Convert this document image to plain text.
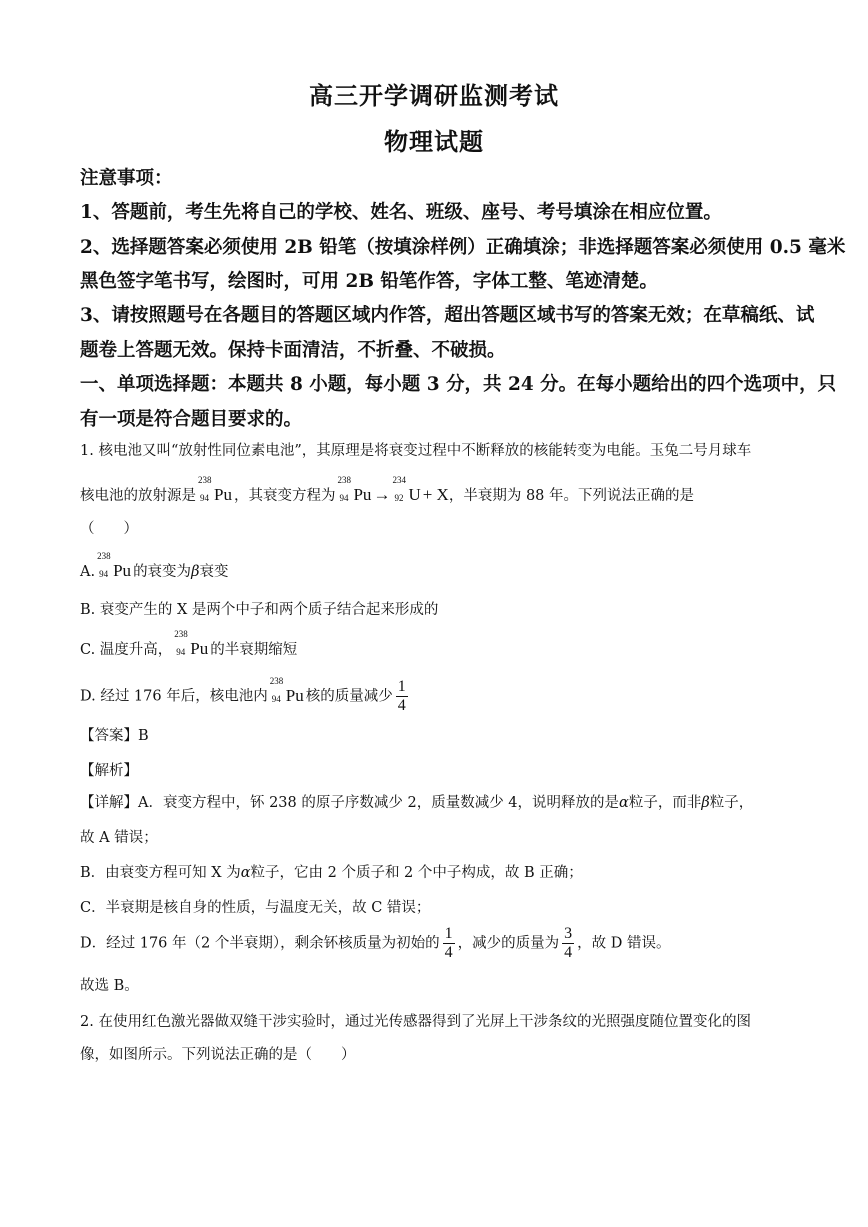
高三开学调研监测考试
物理试题
注意事项：
1、答题前，考生先将自己的学校、姓名、班级、座号、考号填涂在相应位置。
2、选择题答案必须使用 2B 铅笔（按填涂样例）正确填涂；非选择题答案必须使用 0.5 毫米
黑色签字笔书写，绘图时，可用 2B 铅笔作答，字体工整、笔迹清楚。
3、请按照题号在各题目的答题区域内作答，超出答题区域书写的答案无效；在草稿纸、试
题卷上答题无效。保持卡面清洁，不折叠、不破损。
一、单项选择题：本题共 8 小题，每小题 3 分，共 24 分。在每小题给出的四个选项中，只
有一项是符合题目要求的。
1. 核电池又叫“放射性同位素电池”，其原理是将衰变过程中不断释放的核能转变为电能。玉兔二号月球车
核电池的放射源是
238
94 Pu ，其衰变方程为
238
94 Pu →
234
92 U + X，半衰期为 88 年。下列说法正确的是
（　　）
A.
238
94 Pu 的衰变为β衰变
B. 衰变产生的 X 是两个中子和两个质子结合起来形成的
C. 温度升高，
238
94 Pu 的半衰期缩短
D. 经过 176 年后，核电池内
238
94 Pu 核的质量减少 $\frac{1}{4}$
【答案】B
【解析】
【详解】A．衰变方程中，钚 238 的原子序数减少 2，质量数减少 4，说明释放的是α粒子，而非β粒子，
故 A 错误；
B．由衰变方程可知 X 为α粒子，它由 2 个质子和 2 个中子构成，故 B 正确；
C．半衰期是核自身的性质，与温度无关，故 C 错误；
D．经过 176 年（2 个半衰期），剩余钚核质量为初始的 $\frac{1}{4}$ ，减少的质量为 $\frac{3}{4}$ ，故 D 错误。
故选 B。
2. 在使用红色激光器做双缝干涉实验时，通过光传感器得到了光屏上干涉条纹的光照强度随位置变化的图
像，如图所示。下列说法正确的是（　　）
